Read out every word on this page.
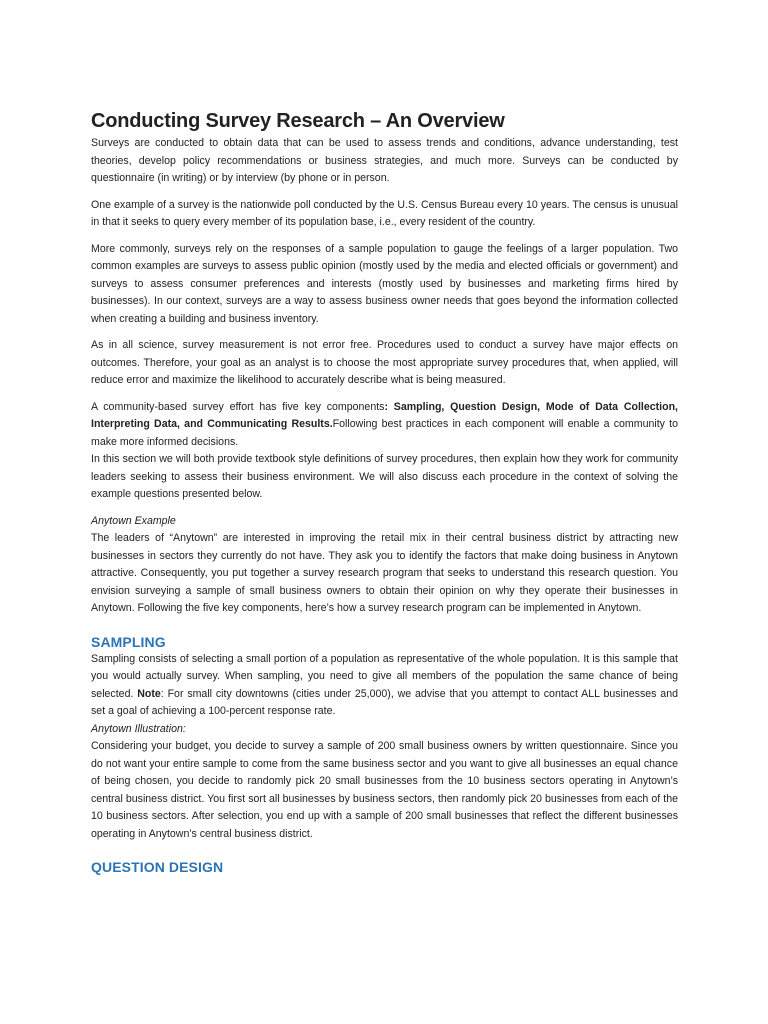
Conducting Survey Research – An Overview

Surveys are conducted to obtain data that can be used to assess trends and conditions, advance understanding, test theories, develop policy recommendations or business strategies, and much more. Surveys can be conducted by questionnaire (in writing) or by interview (by phone or in person.

One example of a survey is the nationwide poll conducted by the U.S. Census Bureau every 10 years. The census is unusual in that it seeks to query every member of its population base, i.e., every resident of the country.

More commonly, surveys rely on the responses of a sample population to gauge the feelings of a larger population. Two common examples are surveys to assess public opinion (mostly used by the media and elected officials or government) and surveys to assess consumer preferences and interests (mostly used by businesses and marketing firms hired by businesses). In our context, surveys are a way to assess business owner needs that goes beyond the information collected when creating a building and business inventory.

As in all science, survey measurement is not error free. Procedures used to conduct a survey have major effects on outcomes. Therefore, your goal as an analyst is to choose the most appropriate survey procedures that, when applied, will reduce error and maximize the likelihood to accurately describe what is being measured.

A community-based survey effort has five key components: Sampling, Question Design, Mode of Data Collection, Interpreting Data, and Communicating Results.Following best practices in each component will enable a community to make more informed decisions.

In this section we will both provide textbook style definitions of survey procedures, then explain how they work for community leaders seeking to assess their business environment. We will also discuss each procedure in the context of solving the example questions presented below.

Anytown Example

The leaders of “Anytown” are interested in improving the retail mix in their central business district by attracting new businesses in sectors they currently do not have. They ask you to identify the factors that make doing business in Anytown attractive. Consequently, you put together a survey research program that seeks to understand this research question. You envision surveying a sample of small business owners to obtain their opinion on why they operate their businesses in Anytown. Following the five key components, here’s how a survey research program can be implemented in Anytown.

SAMPLING

Sampling consists of selecting a small portion of a population as representative of the whole population. It is this sample that you would actually survey. When sampling, you need to give all members of the population the same chance of being selected. Note: For small city downtowns (cities under 25,000), we advise that you attempt to contact ALL businesses and set a goal of achieving a 100-percent response rate.

Anytown Illustration:

Considering your budget, you decide to survey a sample of 200 small business owners by written questionnaire. Since you do not want your entire sample to come from the same business sector and you want to give all businesses an equal chance of being chosen, you decide to randomly pick 20 small businesses from the 10 business sectors operating in Anytown’s central business district. You first sort all businesses by business sectors, then randomly pick 20 businesses from each of the 10 business sectors. After selection, you end up with a sample of 200 small businesses that reflect the different businesses operating in Anytown’s central business district.

QUESTION DESIGN
